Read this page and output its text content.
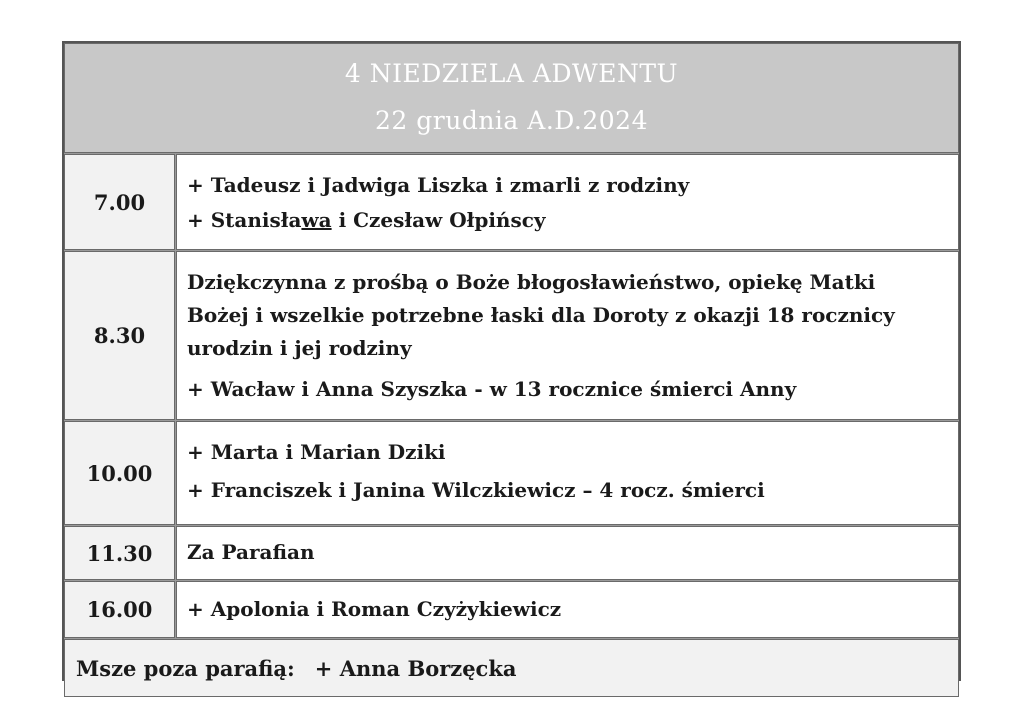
4 NIEDZIELA ADWENTU
22 grudnia A.D.2024
7.00
+ Tadeusz i Jadwiga Liszka i zmarli z rodziny
+ Stanisława i Czesław Ołpińscy
8.30
Dziękczynna z prośbą o Boże błogosławieństwo, opiekę Matki
Bożej i wszelkie potrzebne łaski dla Doroty z okazji 18 rocznicy
urodzin i jej rodziny
+ Wacław i Anna Szyszka - w 13 rocznice śmierci Anny
10.00
+ Marta i Marian Dziki
+ Franciszek i Janina Wilczkiewicz – 4 rocz. śmierci
11.30	Za Parafian
16.00	+ Apolonia i Roman Czyżykiewicz
Msze poza parafią: + Anna Borzęcka
